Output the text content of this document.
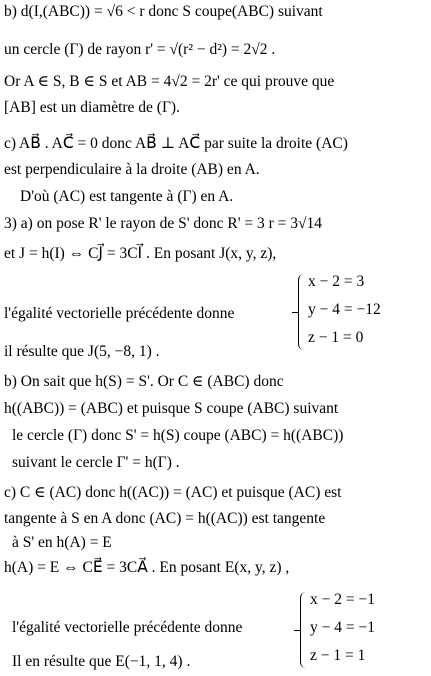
b) d(I,(ABC)) = √6 < r donc S coupe(ABC) suivant
un cercle (Γ) de rayon r' = √(r² − d²) = 2√2 .
Or A ∈ S, B ∈ S et AB = 4√2 = 2r' ce qui prouve que
[AB] est un diamètre de (Γ).
c) AB⃗ . AC⃗ = 0 donc AB⃗ ⊥ AC⃗ par suite la droite (AC)
est perpendiculaire à la droite (AB) en A.
D'où (AC) est tangente à (Γ) en A.
3) a) on pose R' le rayon de S' donc R' = 3 r = 3√14
et J = h(I) ⇔ CJ⃗ = 3CI⃗ . En posant J(x, y, z),
l'égalité vectorielle précédente donne
x − 2 = 3
y − 4 = −12
z − 1 = 0
il résulte que J(5, −8, 1) .
b) On sait que h(S) = S'. Or C ∈ (ABC) donc
h((ABC)) = (ABC) et puisque S coupe (ABC) suivant
le cercle (Γ) donc S' = h(S) coupe (ABC) = h((ABC))
suivant le cercle Γ' = h(Γ) .
c) C ∈ (AC) donc h((AC)) = (AC) et puisque (AC) est
tangente à S en A donc (AC) = h((AC)) est tangente
à S' en h(A) = E
h(A) = E ⇔ CE⃗ = 3CA⃗ . En posant E(x, y, z) ,
l'égalité vectorielle précédente donne
x − 2 = −1
y − 4 = −1
z − 1 = 1
Il en résulte que E(−1, 1, 4) .
